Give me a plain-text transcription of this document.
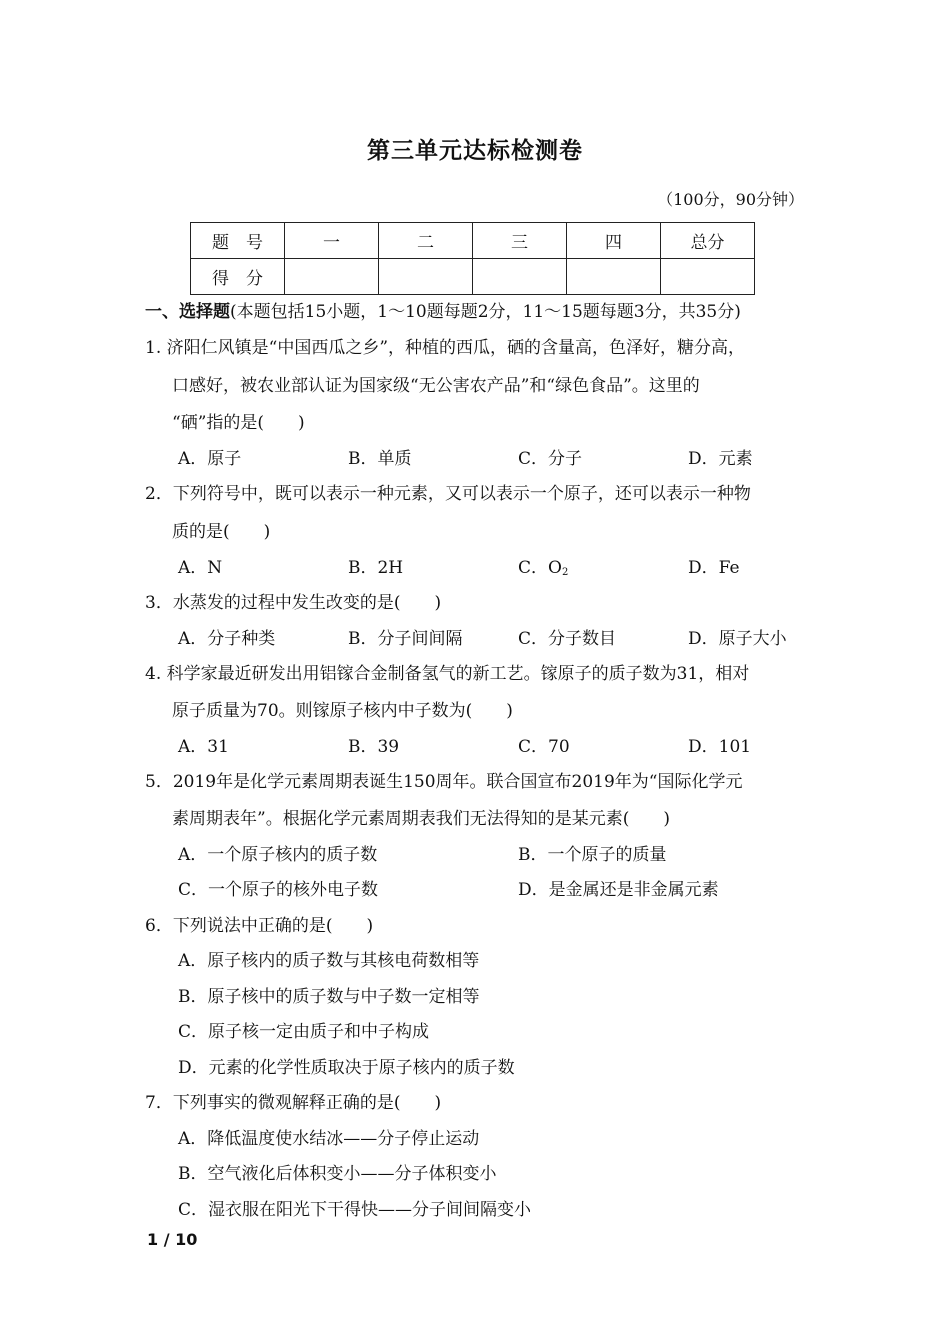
第三单元达标检测卷
（100分，90分钟）
题　号	一	二	三	四	总分
得　分					
一、选择题(本题包括15小题，1～10题每题2分，11～15题每题3分，共35分)
1. 济阳仁风镇是“中国西瓜之乡”，种植的西瓜，硒的含量高，色泽好，糖分高，
口感好，被农业部认证为国家级“无公害农产品”和“绿色食品”。这里的
“硒”指的是(　　)
A．原子	B．单质	C．分子	D．元素
2．下列符号中，既可以表示一种元素，又可以表示一个原子，还可以表示一种物
质的是(　　)
A．N	B．2H	C．$O_2$	D．Fe
3．水蒸发的过程中发生改变的是(　　)
A．分子种类	B．分子间间隔	C．分子数目	D．原子大小
4. 科学家最近研发出用铝镓合金制备氢气的新工艺。镓原子的质子数为31，相对
原子质量为70。则镓原子核内中子数为(　　)
A．31	B．39	C．70	D．101
5．2019年是化学元素周期表诞生150周年。联合国宣布2019年为“国际化学元
素周期表年”。根据化学元素周期表我们无法得知的是某元素(　　)
A．一个原子核内的质子数	B．一个原子的质量
C．一个原子的核外电子数	D．是金属还是非金属元素
6．下列说法中正确的是(　　)
A．原子核内的质子数与其核电荷数相等
B．原子核中的质子数与中子数一定相等
C．原子核一定由质子和中子构成
D．元素的化学性质取决于原子核内的质子数
7．下列事实的微观解释正确的是(　　)
A．降低温度使水结冰——分子停止运动
B．空气液化后体积变小——分子体积变小
C．湿衣服在阳光下干得快——分子间间隔变小
1 / 10
